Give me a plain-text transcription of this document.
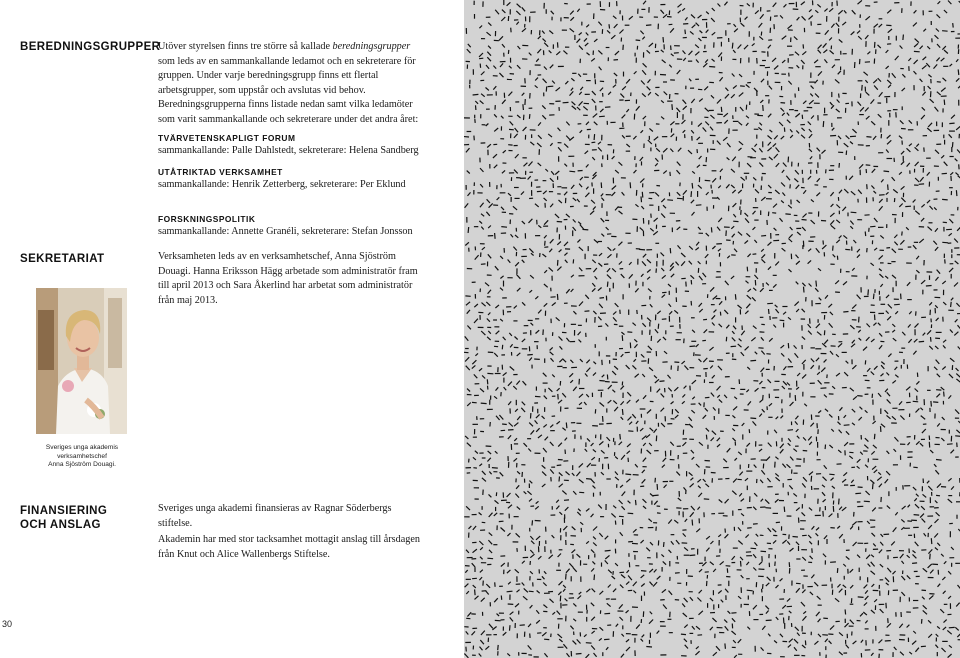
BEREDNINGSGRUPPER

Utöver styrelsen finns tre större så kallade beredningsgrupper som leds av en sammankallande ledamot och en sekreterare för gruppen. Under varje beredningsgrupp finns ett flertal arbetsgrupper, som uppstår och avslutas vid behov. Beredningsgrupperna finns listade nedan samt vilka ledamöter som varit sammankallande och sekreterare under det andra året:

TVÄRVETENSKAPLIGT FORUM
sammankallande: Palle Dahlstedt, sekreterare: Helena Sandberg
UTÅTRIKTAD VERKSAMHET
sammankallande: Henrik Zetterberg, sekreterare: Per Eklund
FORSKNINGSPOLITIK
sammankallande: Annette Granéli, sekreterare: Stefan Jonsson
SEKRETARIAT	Verksamheten leds av en verksamhetschef, Anna Sjöström Douagi. Hanna Eriksson Hägg arbetade som administratör fram till april 2013 och Sara Åkerlind har arbetat som administratör från maj 2013.

Sveriges unga akademis
verksamhetschef
Anna Sjöström Douagi.
FINANSIERING
OCH ANSLAG

Sveriges unga akademi finansieras av Ragnar Söderbergs stiftelse.

Akademin har med stor tacksamhet mottagit anslag till årsdagen från Knut och Alice Wallenbergs Stiftelse.

30
